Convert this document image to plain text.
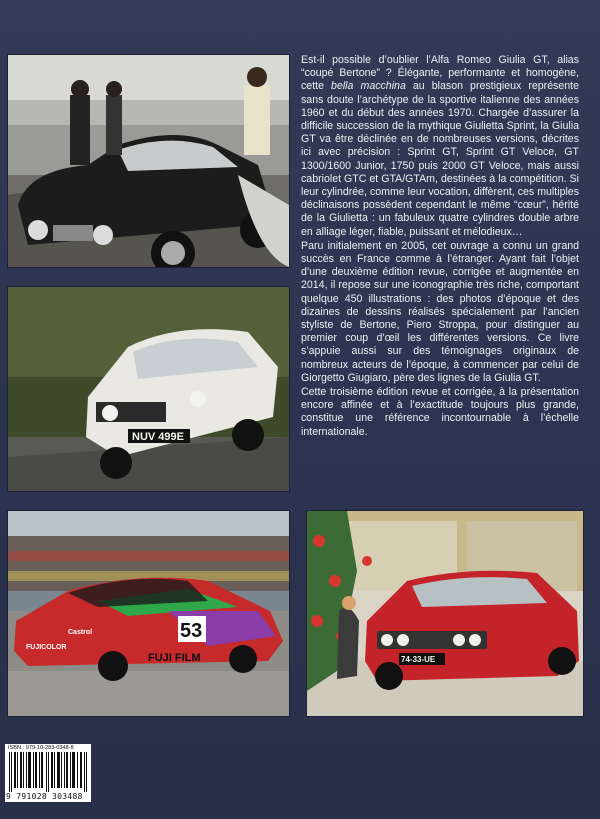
NUV 499E
53
FUJI FILM
FUJICOLOR
Castrol
74-33-UE

Est-il possible d’oublier l’Alfa Romeo Giulia GT, alias “coupé Bertone” ? Élégante, performante et homogène, cette bella macchina au blason prestigieux représente sans doute l’archétype de la sportive italienne des années 1960 et du début des années 1970. Chargée d’assurer la difficile succession de la mythique Giulietta Sprint, la Giulia GT va être déclinée en de nombreuses versions, décrites ici avec précision : Sprint GT, Sprint GT Veloce, GT 1300/1600 Junior, 1750 puis 2000 GT Veloce, mais aussi cabriolet GTC et GTA/GTAm, destinées à la compétition. Si leur cylindrée, comme leur vocation, diffèrent, ces multiples déclinaisons possèdent cependant le même “cœur”, hérité de la Giulietta : un fabuleux quatre cylindres double arbre en alliage léger, fiable, puissant et mélodieux…

Paru initialement en 2005, cet ouvrage a connu un grand succès en France comme à l’étranger. Ayant fait l’objet d’une deuxième édition revue, corrigée et augmentée en 2014, il repose sur une iconographie très riche, comportant quelque 450 illustrations : des photos d’époque et des dizaines de dessins réalisés spécialement par l’ancien styliste de Bertone, Piero Stroppa, pour distinguer au premier coup d’œil les différentes versions. Ce livre s’appuie aussi sur des témoignages originaux de nombreux acteurs de l’époque, à commencer par celui de Giorgetto Giugiaro, père des lignes de la Giulia GT.

Cette troisième édition revue et corrigée, à la présentation encore affinée et à l’exactitude toujours plus grande, constitue une référence incontournable à l’échelle internationale.

ISBN : 979-10-283-0348-8
9 791028 303488
